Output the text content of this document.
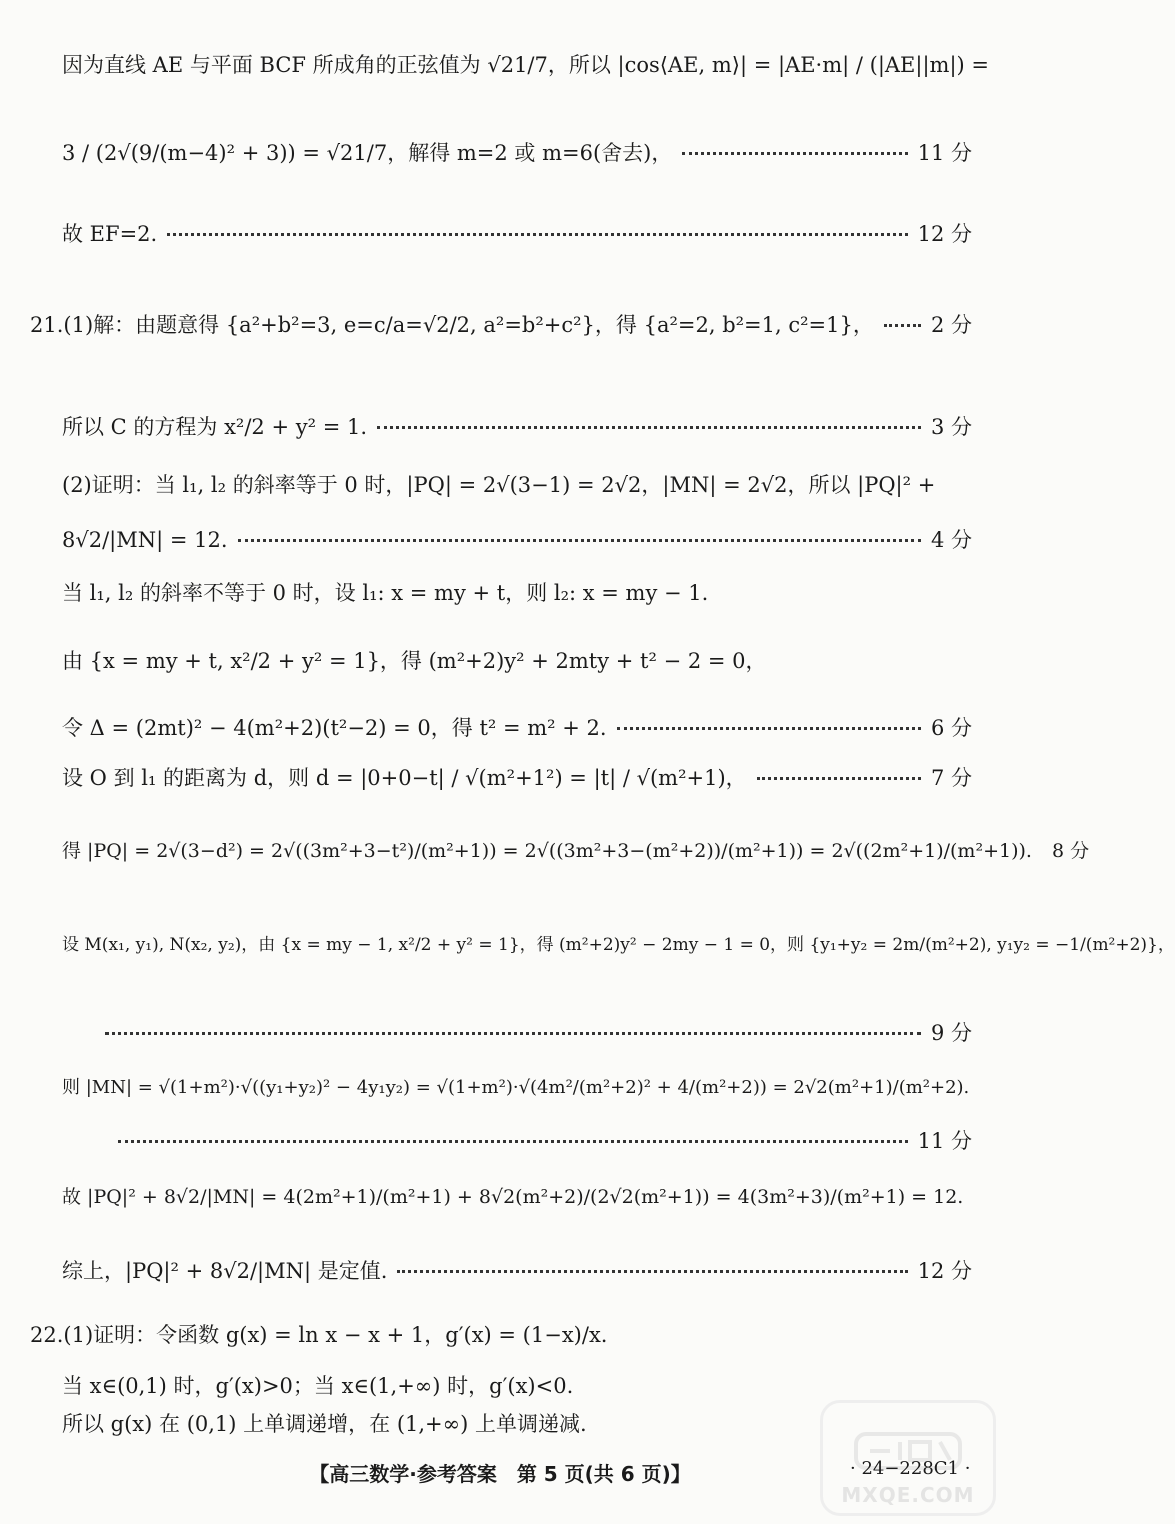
因为直线 AE 与平面 BCF 所成角的正弦值为 √21/7，所以 |cos⟨AE, m⟩| = |AE·m| / (|AE||m|) =
3 / (2√(9/(m−4)² + 3)) = √21/7，解得 m=2 或 m=6(舍去)，	11 分
故 EF=2.	12 分
21.(1)解：由题意得 {a²+b²=3, e=c/a=√2/2, a²=b²+c²}，得 {a²=2, b²=1, c²=1}，	2 分
所以 C 的方程为 x²/2 + y² = 1.	3 分
(2)证明：当 l₁, l₂ 的斜率等于 0 时，|PQ| = 2√(3−1) = 2√2，|MN| = 2√2，所以 |PQ|² +
8√2/|MN| = 12.	4 分
当 l₁, l₂ 的斜率不等于 0 时，设 l₁: x = my + t，则 l₂: x = my − 1.
由 {x = my + t, x²/2 + y² = 1}，得 (m²+2)y² + 2mty + t² − 2 = 0，
令 Δ = (2mt)² − 4(m²+2)(t²−2) = 0，得 t² = m² + 2.	6 分
设 O 到 l₁ 的距离为 d，则 d = |0+0−t| / √(m²+1²) = |t| / √(m²+1)，	7 分
得 |PQ| = 2√(3−d²) = 2√((3m²+3−t²)/(m²+1)) = 2√((3m²+3−(m²+2))/(m²+1)) = 2√((2m²+1)/(m²+1)). 8 分
设 M(x₁, y₁), N(x₂, y₂)，由 {x = my − 1, x²/2 + y² = 1}，得 (m²+2)y² − 2my − 1 = 0，则 {y₁+y₂ = 2m/(m²+2), y₁y₂ = −1/(m²+2)}，
9 分
则 |MN| = √(1+m²)·√((y₁+y₂)² − 4y₁y₂) = √(1+m²)·√(4m²/(m²+2)² + 4/(m²+2)) = 2√2(m²+1)/(m²+2).
11 分
故 |PQ|² + 8√2/|MN| = 4(2m²+1)/(m²+1) + 8√2(m²+2)/(2√2(m²+1)) = 4(3m²+3)/(m²+1) = 12.
综上，|PQ|² + 8√2/|MN| 是定值.	12 分
22.(1)证明：令函数 g(x) = ln x − x + 1，g′(x) = (1−x)/x.
当 x∈(0,1) 时，g′(x)>0；当 x∈(1,+∞) 时，g′(x)<0.
所以 g(x) 在 (0,1) 上单调递增，在 (1,+∞) 上单调递减.
MXQE.COM
【高三数学·参考答案　第 5 页(共 6 页)】	· 24−228C1 ·
